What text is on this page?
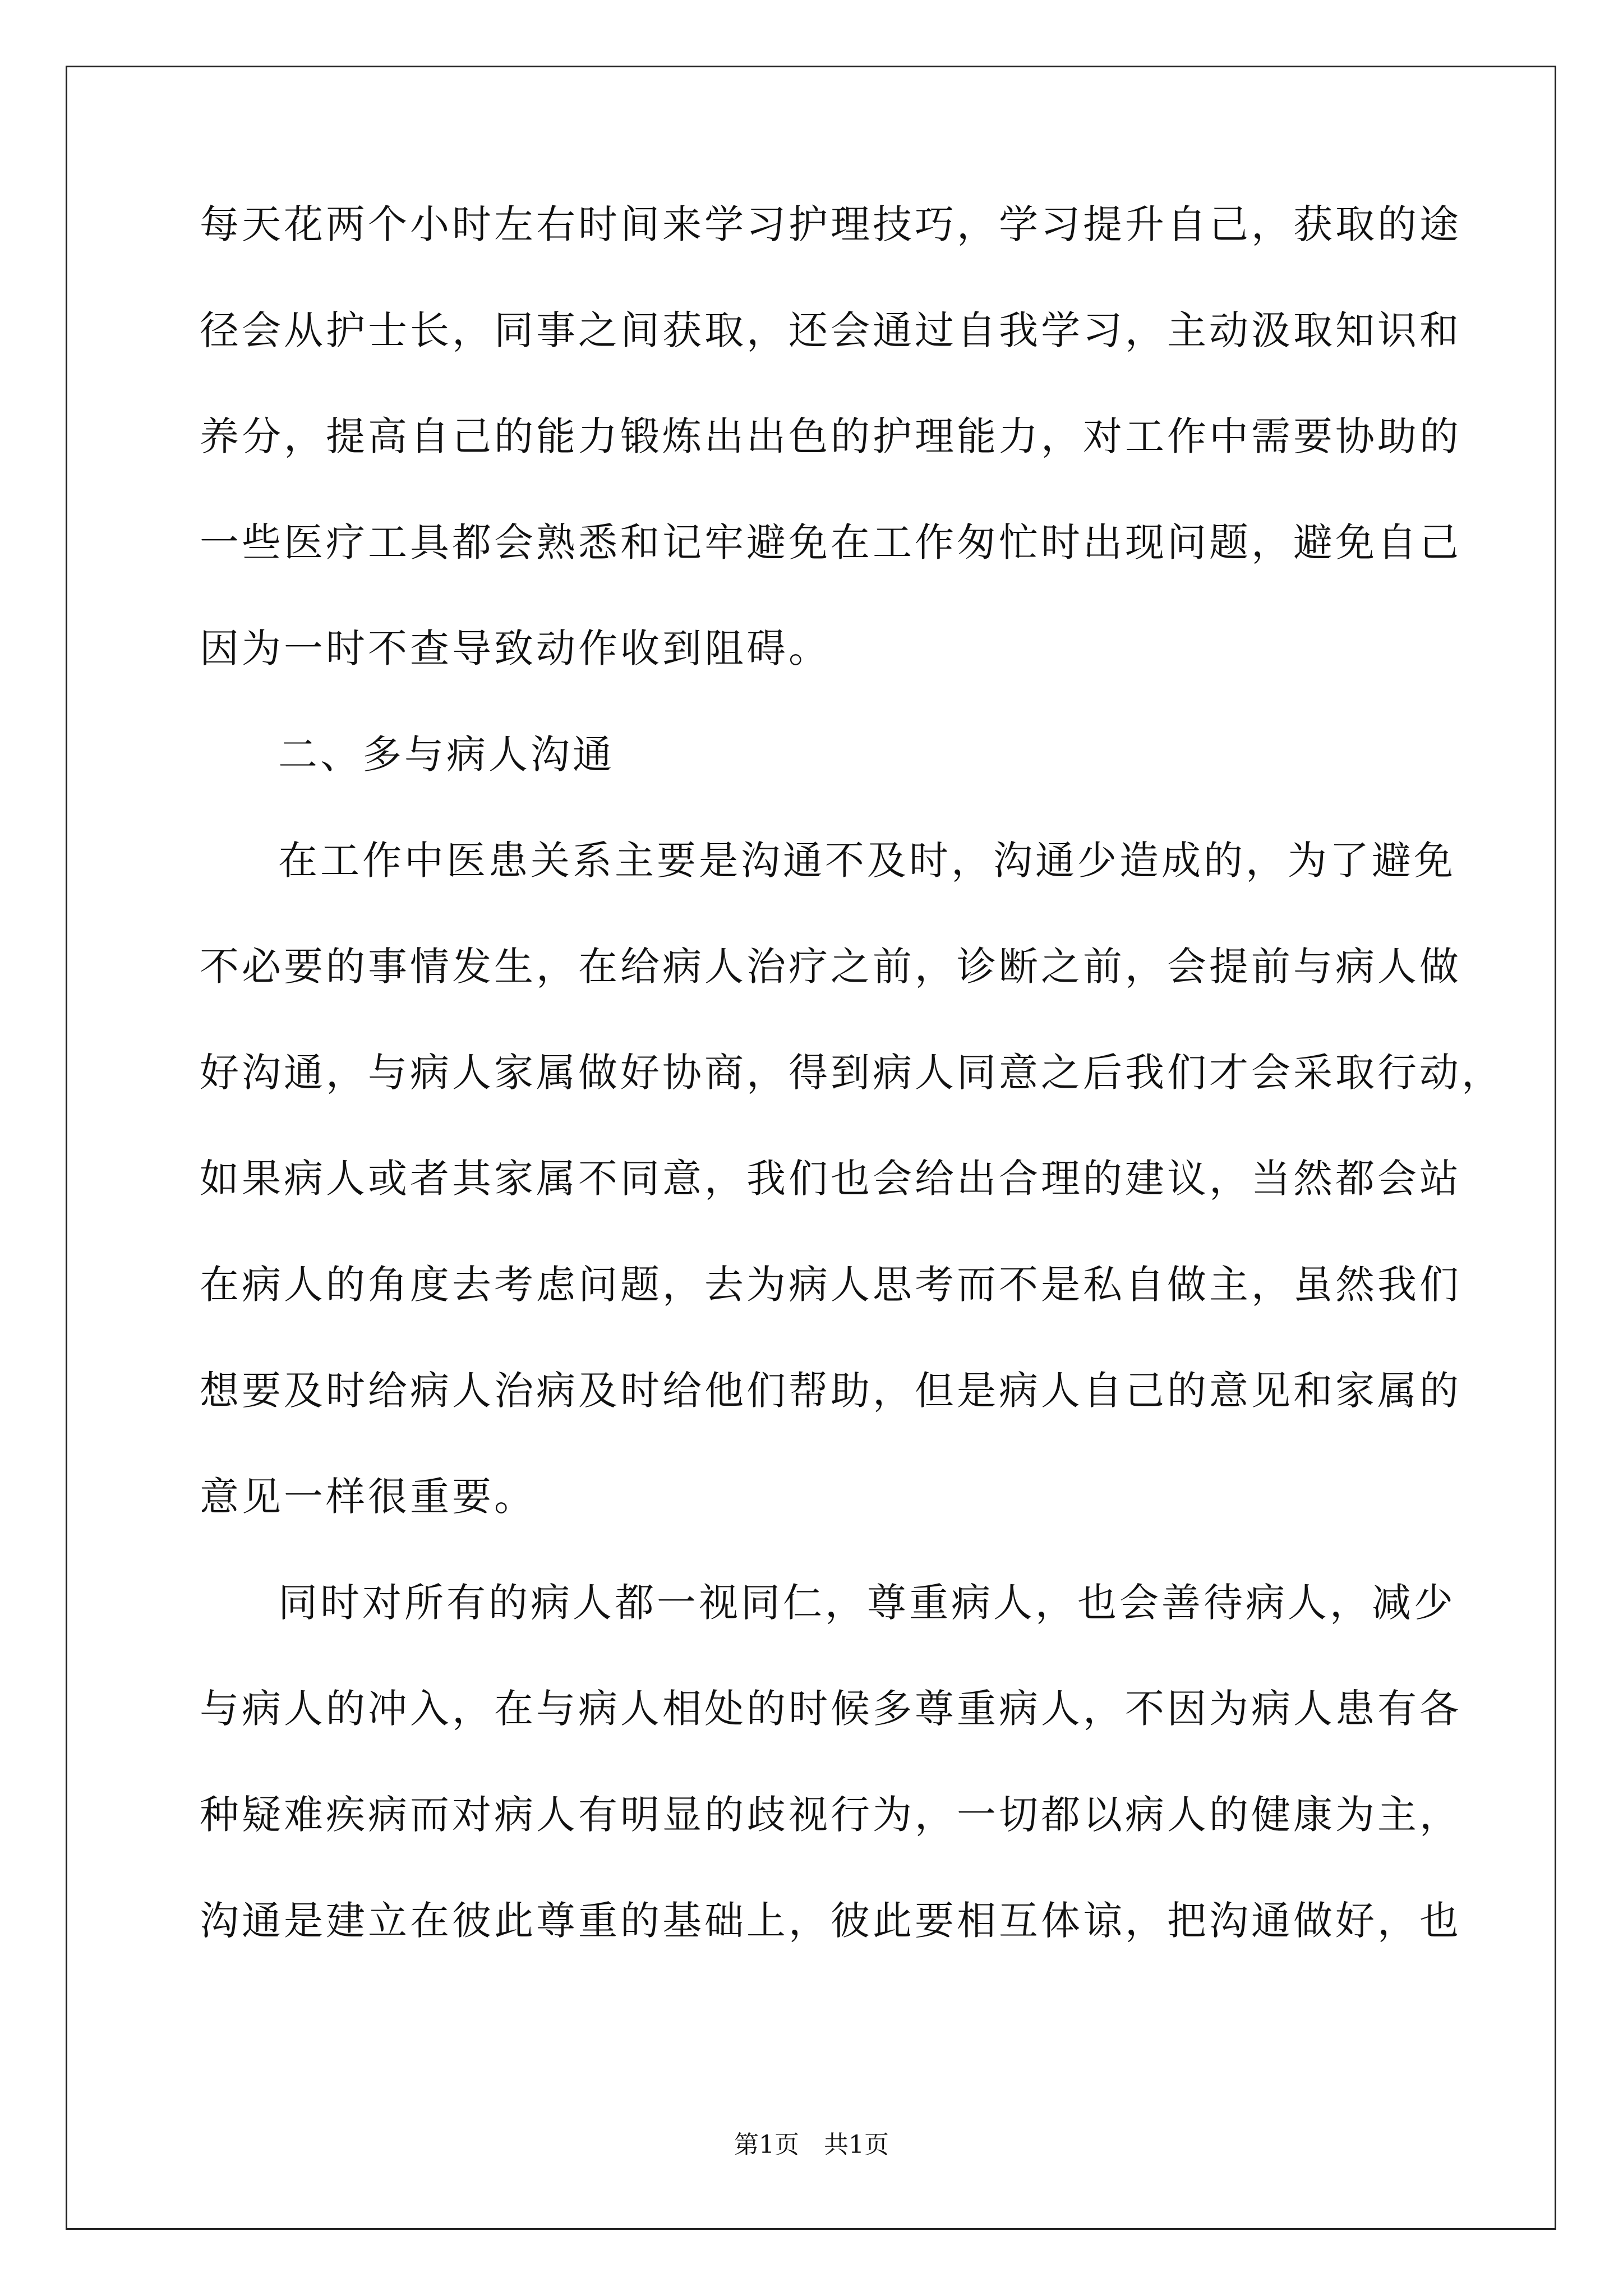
每天花两个小时左右时间来学习护理技巧，学习提升自己，获取的途
径会从护士长，同事之间获取，还会通过自我学习，主动汲取知识和
养分，提高自己的能力锻炼出出色的护理能力，对工作中需要协助的
一些医疗工具都会熟悉和记牢避免在工作匆忙时出现问题，避免自己
因为一时不查导致动作收到阻碍。
二、多与病人沟通
在工作中医患关系主要是沟通不及时，沟通少造成的，为了避免
不必要的事情发生，在给病人治疗之前，诊断之前，会提前与病人做
好沟通，与病人家属做好协商，得到病人同意之后我们才会采取行动，
如果病人或者其家属不同意，我们也会给出合理的建议，当然都会站
在病人的角度去考虑问题，去为病人思考而不是私自做主，虽然我们
想要及时给病人治病及时给他们帮助，但是病人自己的意见和家属的
意见一样很重要。
同时对所有的病人都一视同仁，尊重病人，也会善待病人，减少
与病人的冲入，在与病人相处的时候多尊重病人，不因为病人患有各
种疑难疾病而对病人有明显的歧视行为，一切都以病人的健康为主，
沟通是建立在彼此尊重的基础上，彼此要相互体谅，把沟通做好，也
第1页　共1页
